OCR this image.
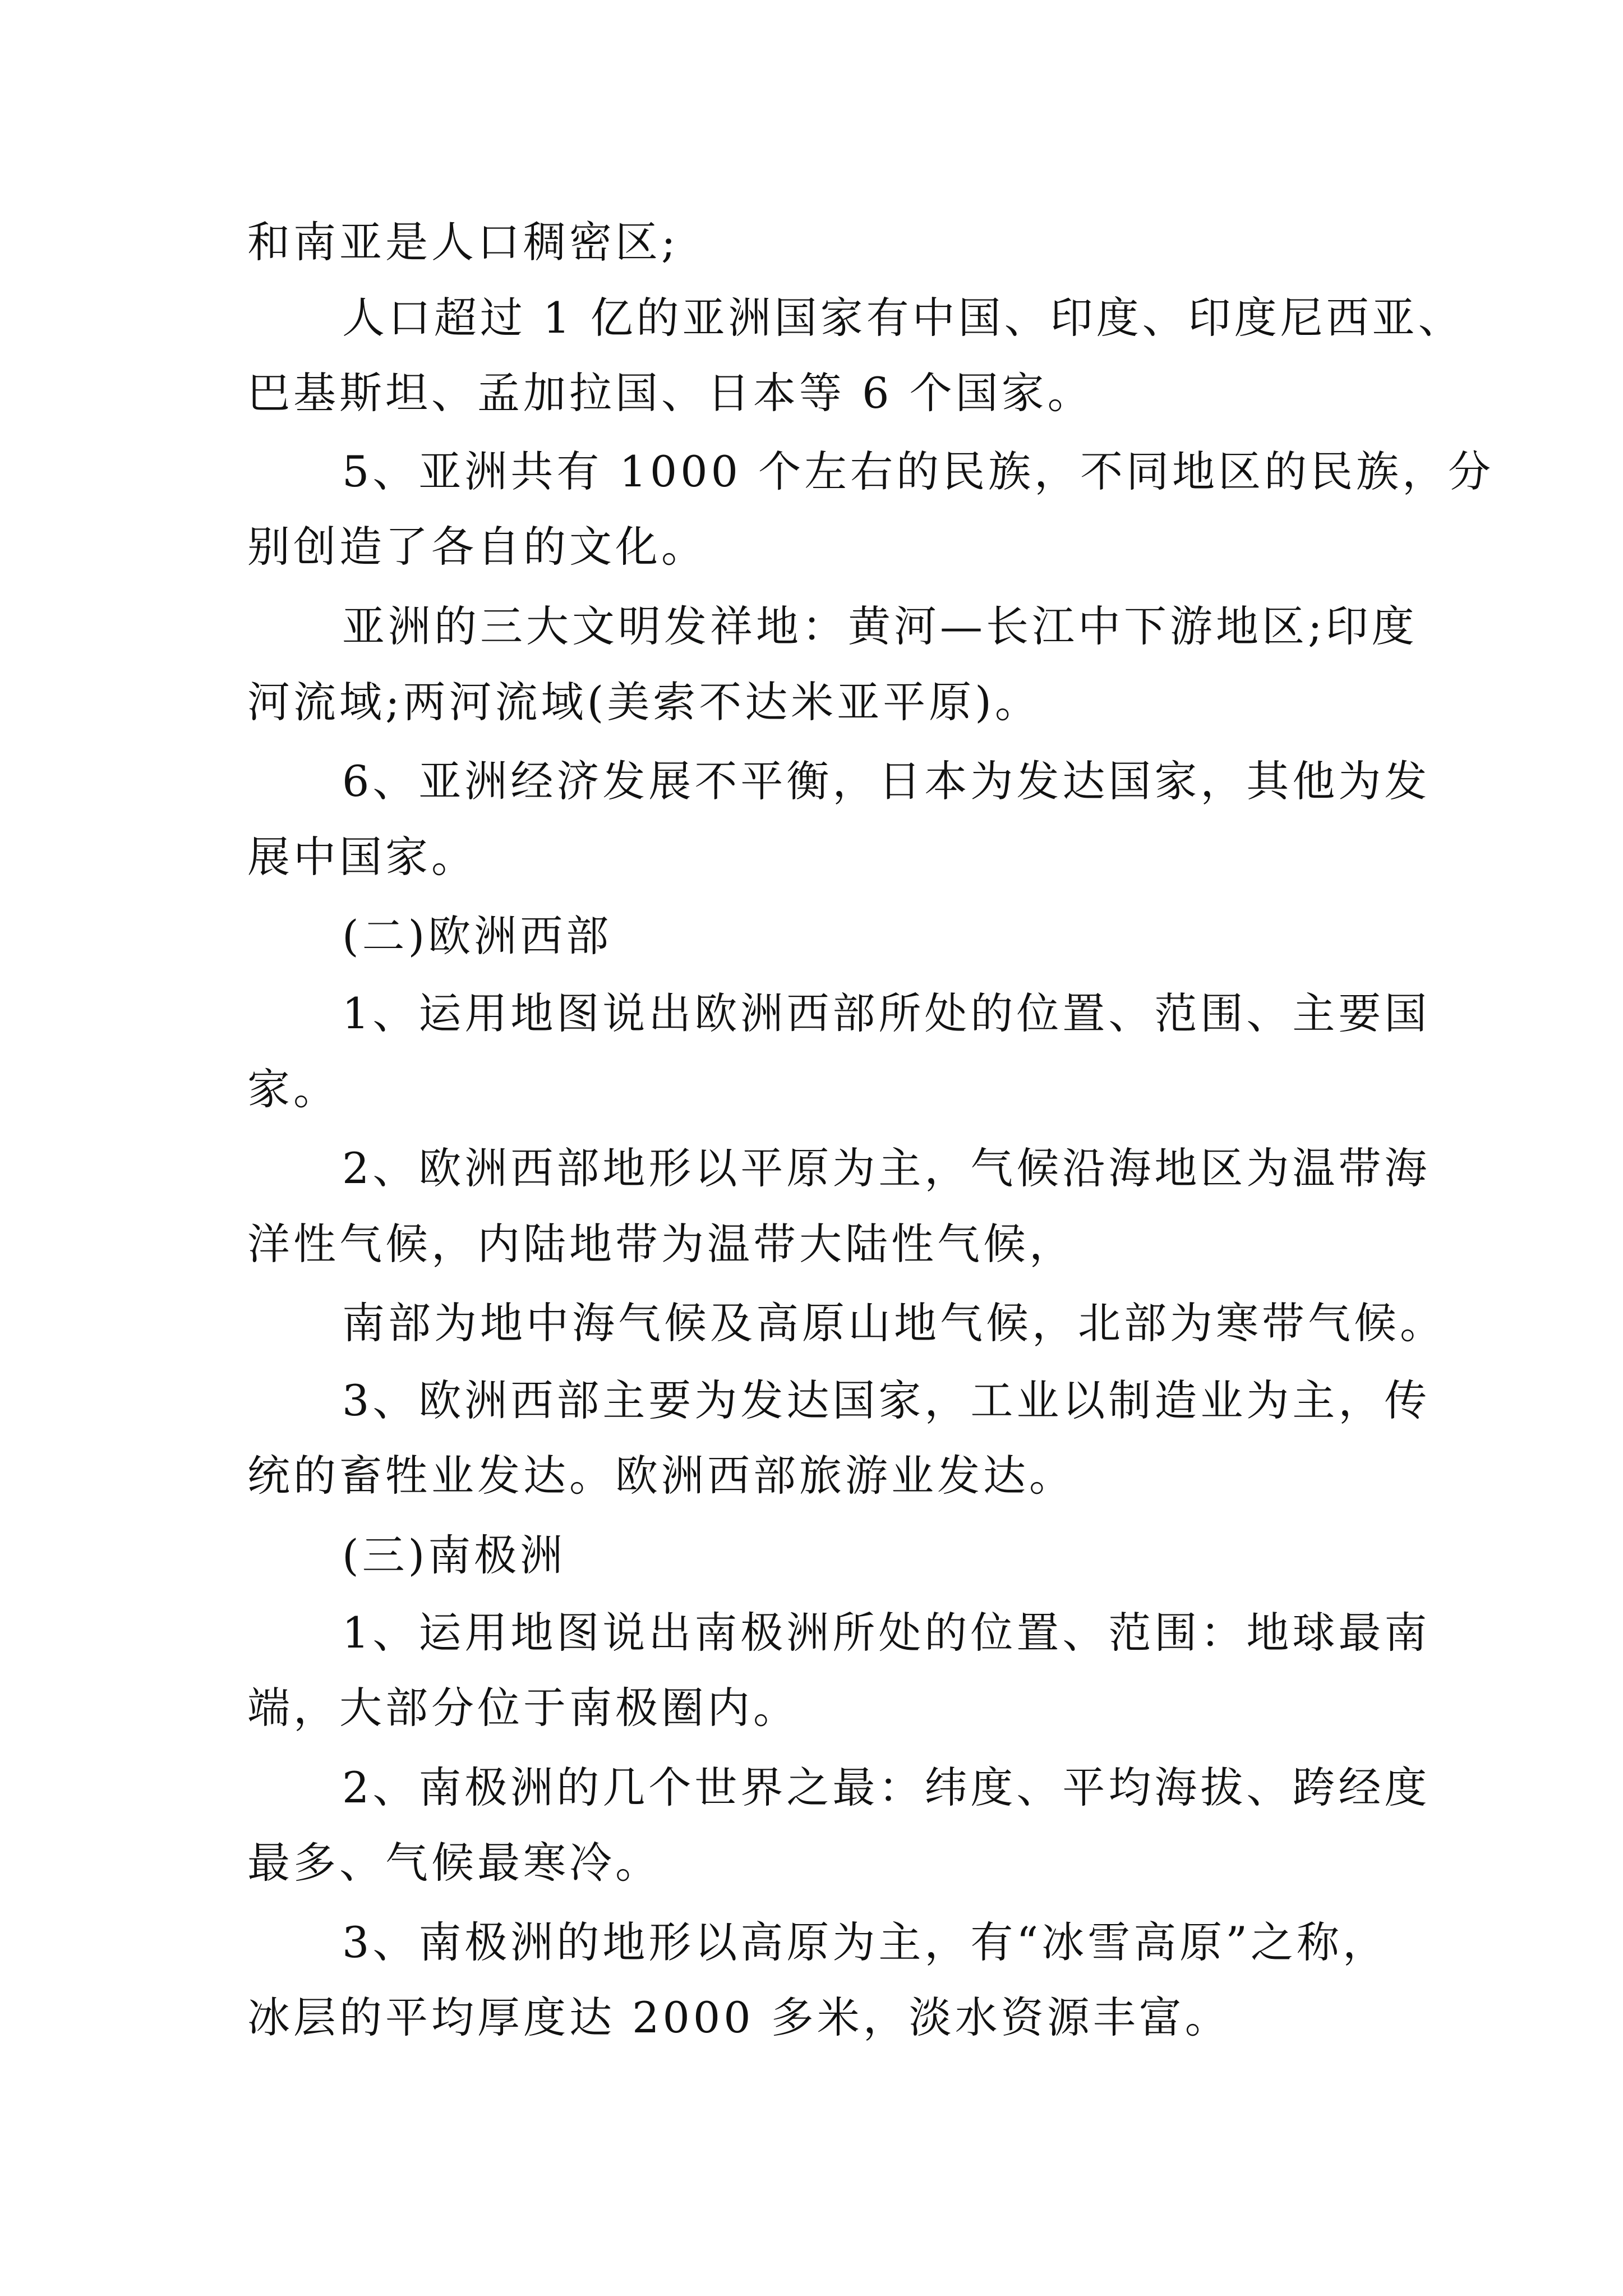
和南亚是人口稠密区;
人口超过 1 亿的亚洲国家有中国、印度、印度尼西亚、
巴基斯坦、孟加拉国、日本等 6 个国家。
5、亚洲共有 1000 个左右的民族，不同地区的民族，分
别创造了各自的文化。
亚洲的三大文明发祥地：黄河—长江中下游地区;印度
河流域;两河流域(美索不达米亚平原)。
6、亚洲经济发展不平衡，日本为发达国家，其他为发
展中国家。
(二)欧洲西部
1、运用地图说出欧洲西部所处的位置、范围、主要国
家。
2、欧洲西部地形以平原为主，气候沿海地区为温带海
洋性气候，内陆地带为温带大陆性气候，
南部为地中海气候及高原山地气候，北部为寒带气候。
3、欧洲西部主要为发达国家，工业以制造业为主，传
统的畜牲业发达。欧洲西部旅游业发达。
(三)南极洲
1、运用地图说出南极洲所处的位置、范围：地球最南
端，大部分位于南极圈内。
2、南极洲的几个世界之最：纬度、平均海拔、跨经度
最多、气候最寒冷。
3、南极洲的地形以高原为主，有“冰雪高原”之称，
冰层的平均厚度达 2000 多米，淡水资源丰富。
